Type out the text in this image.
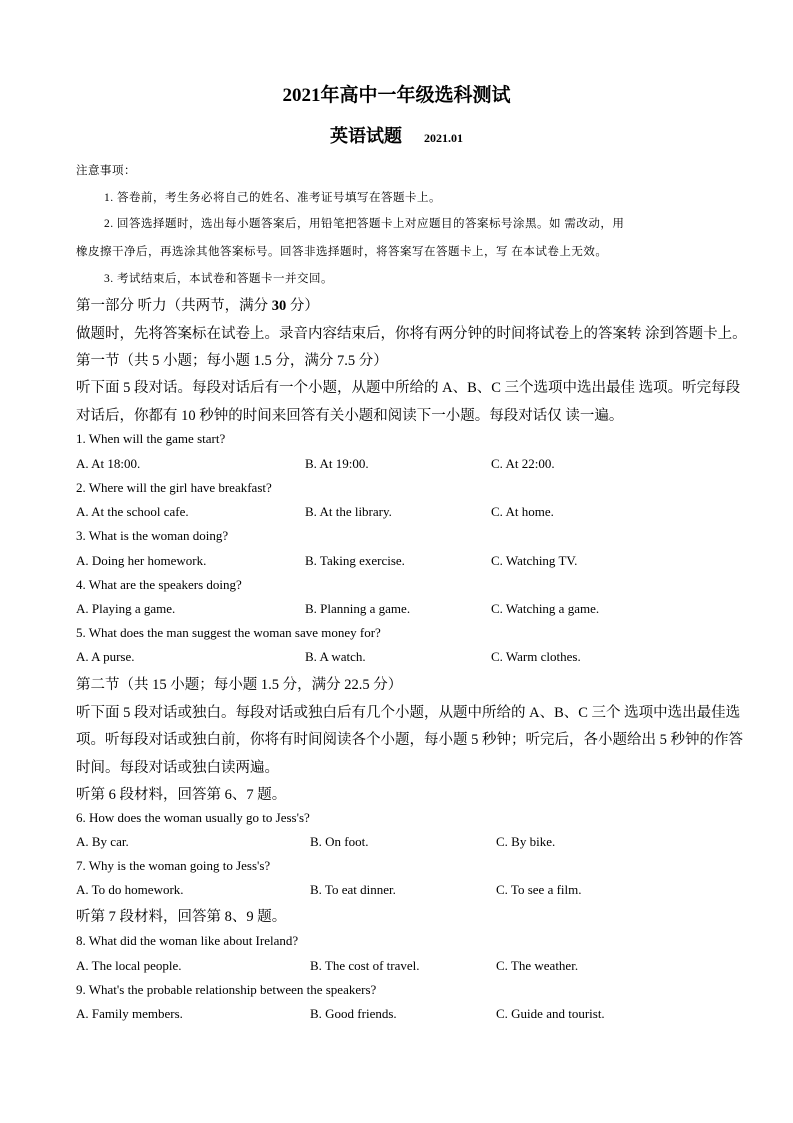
2021年高中一年级选科测试
英语试题 2021.01
注意事项：
1. 答卷前，考生务必将自己的姓名、准考证号填写在答题卡上。
2. 回答选择题时，选出每小题答案后，用铅笔把答题卡上对应题目的答案标号涂黑。如 需改动，用
橡皮擦干净后，再选涂其他答案标号。回答非选择题时，将答案写在答题卡上，写 在本试卷上无效。
3. 考试结束后，本试卷和答题卡一并交回。
第一部分 听力（共两节，满分 30 分）
做题时，先将答案标在试卷上。录音内容结束后，你将有两分钟的时间将试卷上的答案转 涂到答题卡上。
第一节（共 5 小题；每小题 1.5 分，满分 7.5 分）
听下面 5 段对话。每段对话后有一个小题，从题中所给的 A、B、C 三个选项中选出最佳 选项。听完每段
对话后，你都有 10 秒钟的时间来回答有关小题和阅读下一小题。每段对话仅 读一遍。
1. When will the game start?
A. At 18:00.	B. At 19:00.	C. At 22:00.
2. Where will the girl have breakfast?
A. At the school cafe.	B. At the library.	C. At home.
3. What is the woman doing?
A. Doing her homework.	B. Taking exercise.	C. Watching TV.
4. What are the speakers doing?
A. Playing a game.	B. Planning a game.	C. Watching a game.
5. What does the man suggest the woman save money for?
A. A purse.	B. A watch.	C. Warm clothes.
第二节（共 15 小题；每小题 1.5 分，满分 22.5 分）
听下面 5 段对话或独白。每段对话或独白后有几个小题，从题中所给的 A、B、C 三个 选项中选出最佳选
项。听每段对话或独白前，你将有时间阅读各个小题，每小题 5 秒钟；听完后，各小题给出 5 秒钟的作答
时间。每段对话或独白读两遍。
听第 6 段材料，回答第 6、7 题。
6. How does the woman usually go to Jess's?
A. By car.	B. On foot.	C. By bike.
7. Why is the woman going to Jess's?
A. To do homework.	B. To eat dinner.	C. To see a film.
听第 7 段材料，回答第 8、9 题。
8. What did the woman like about Ireland?
A. The local people.	B. The cost of travel.	C. The weather.
9. What's the probable relationship between the speakers?
A. Family members.	B. Good friends.	C. Guide and tourist.
